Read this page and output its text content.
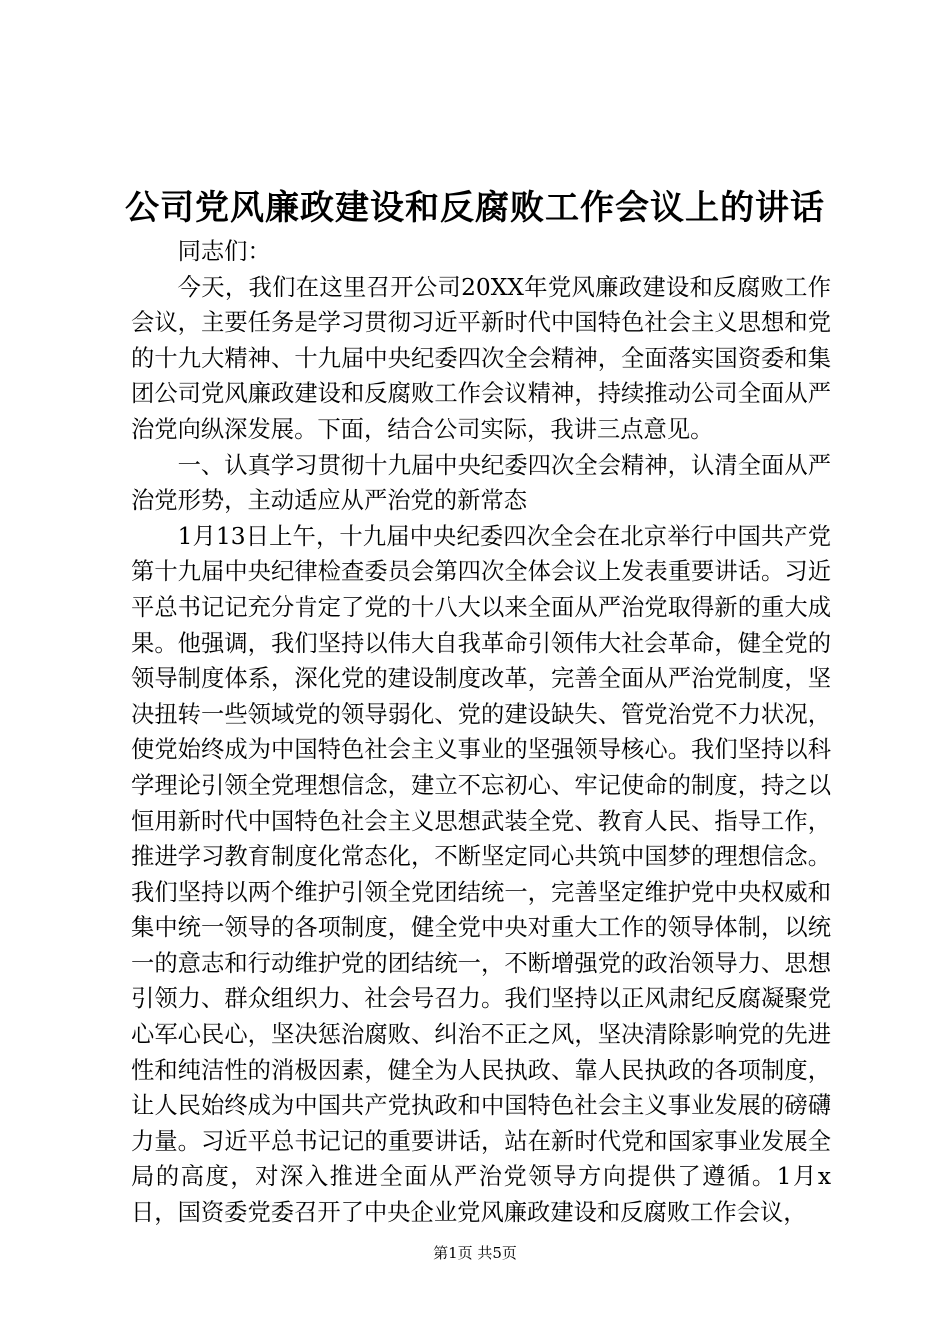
公司党风廉政建设和反腐败工作会议上的讲话

同志们：

今天，我们在这里召开公司20XX年党风廉政建设和反腐败工作会议，主要任务是学习贯彻习近平新时代中国特色社会主义思想和党的十九大精神、十九届中央纪委四次全会精神，全面落实国资委和集团公司党风廉政建设和反腐败工作会议精神，持续推动公司全面从严治党向纵深发展。下面，结合公司实际，我讲三点意见。

一、认真学习贯彻十九届中央纪委四次全会精神，认清全面从严治党形势，主动适应从严治党的新常态

1月13日上午，十九届中央纪委四次全会在北京举行中国共产党第十九届中央纪律检查委员会第四次全体会议上发表重要讲话。习近平总书记记充分肯定了党的十八大以来全面从严治党取得新的重大成果。他强调，我们坚持以伟大自我革命引领伟大社会革命，健全党的领导制度体系，深化党的建设制度改革，完善全面从严治党制度，坚决扭转一些领域党的领导弱化、党的建设缺失、管党治党不力状况，使党始终成为中国特色社会主义事业的坚强领导核心。我们坚持以科学理论引领全党理想信念，建立不忘初心、牢记使命的制度，持之以恒用新时代中国特色社会主义思想武装全党、教育人民、指导工作，推进学习教育制度化常态化，不断坚定同心共筑中国梦的理想信念。我们坚持以两个维护引领全党团结统一，完善坚定维护党中央权威和集中统一领导的各项制度，健全党中央对重大工作的领导体制，以统一的意志和行动维护党的团结统一，不断增强党的政治领导力、思想引领力、群众组织力、社会号召力。我们坚持以正风肃纪反腐凝聚党心军心民心，坚决惩治腐败、纠治不正之风，坚决清除影响党的先进性和纯洁性的消极因素，健全为人民执政、靠人民执政的各项制度，让人民始终成为中国共产党执政和中国特色社会主义事业发展的磅礴力量。习近平总书记记的重要讲话，站在新时代党和国家事业发展全局的高度，对深入推进全面从严治党领导方向提供了遵循。1月x日，国资委党委召开了中央企业党风廉政建设和反腐败工作会议，

第1页 共5页
